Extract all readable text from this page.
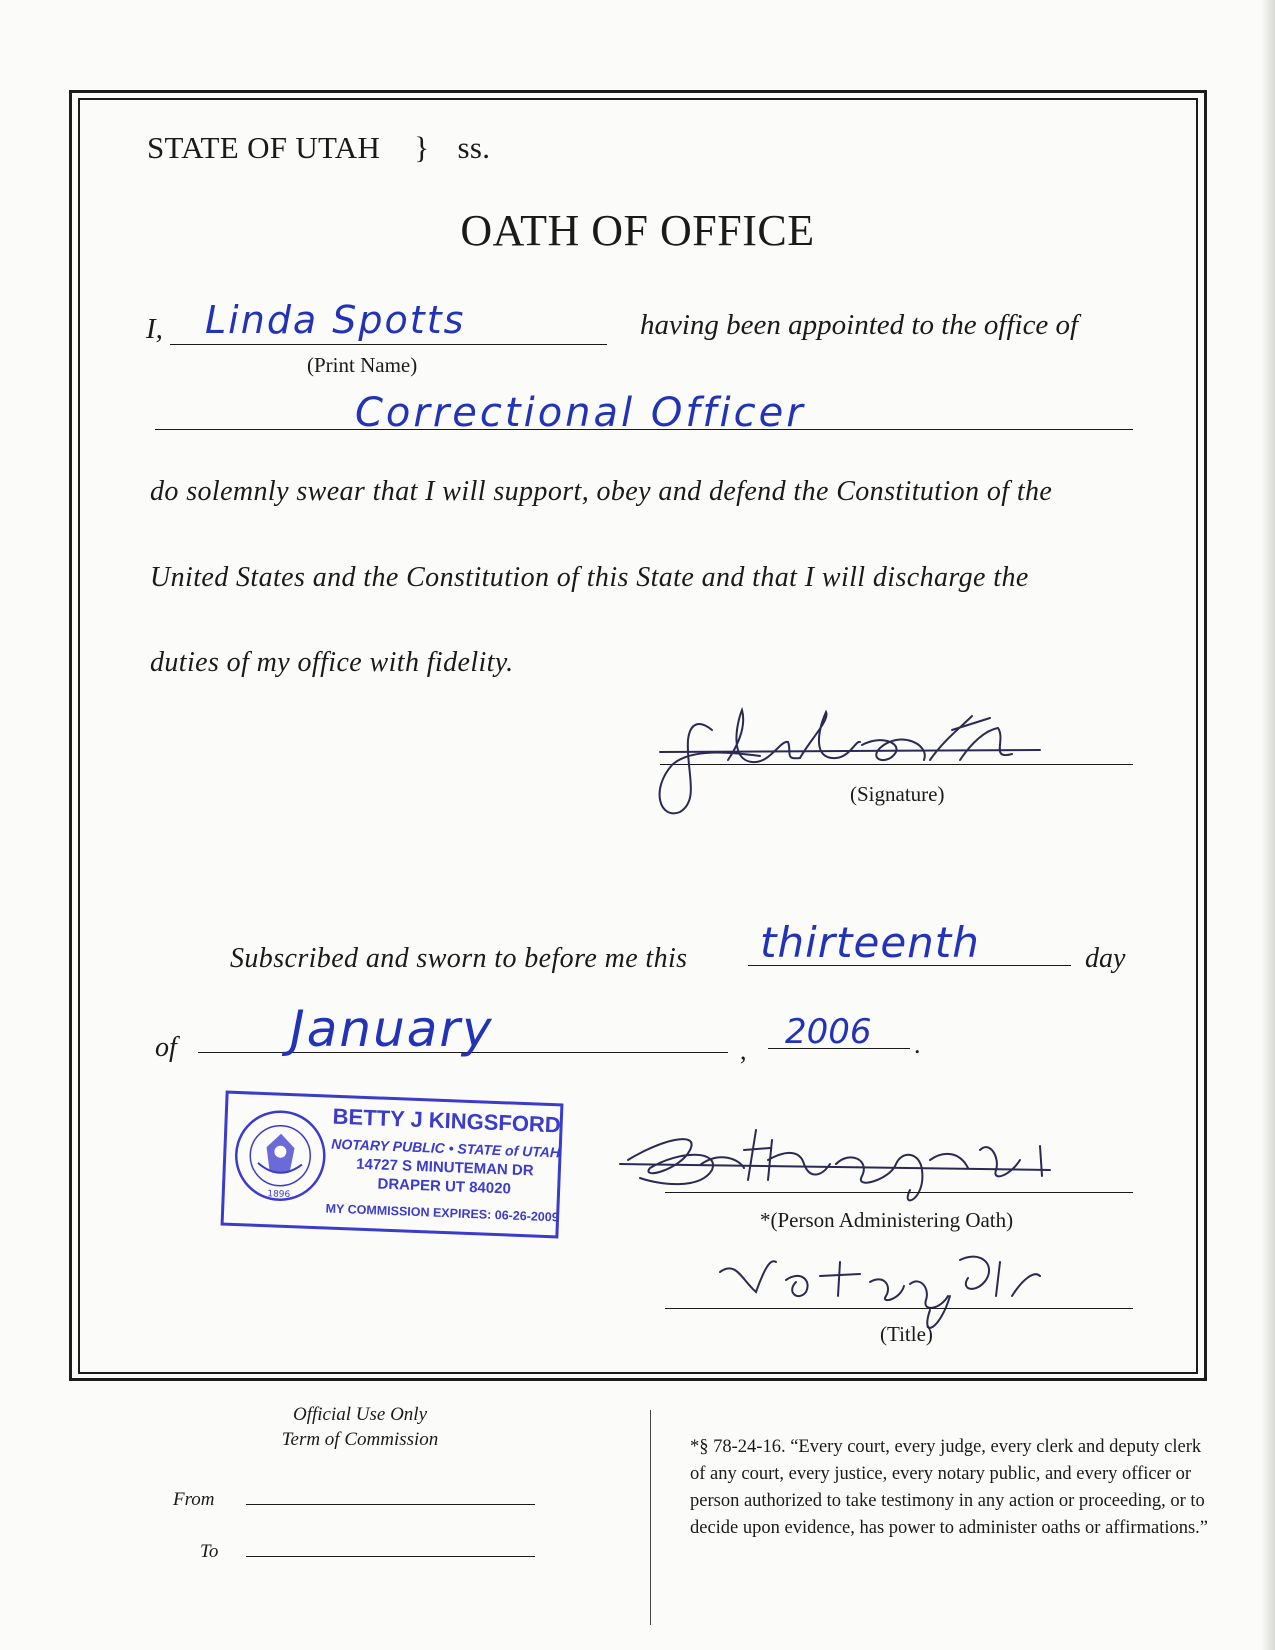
STATE OF UTAH } ss.
OATH OF OFFICE
I, Linda Spotts
(Print Name)
having been appointed to the office of
Correctional Officer
do solemnly swear that I will support, obey and defend the Constitution of the
United States and the Constitution of this State and that I will discharge the
duties of my office with fidelity.
(Signature)
Subscribed and sworn to before me this thirteenth	day
of January	, 2006 .
1896
BETTY J KINGSFORD
NOTARY PUBLIC • STATE of UTAH
14727 S MINUTEMAN DR
DRAPER UT 84020
MY COMMISSION EXPIRES: 06-26-2009	*(Person Administering Oath)
(Title)
Official Use Only
Term of Commission
From
To
*§ 78-24-16. “Every court, every judge, every clerk and deputy clerk of any court, every justice, every notary public, and every officer or person authorized to take testimony in any action or proceeding, or to decide upon evidence, has power to administer oaths or affirmations.”
